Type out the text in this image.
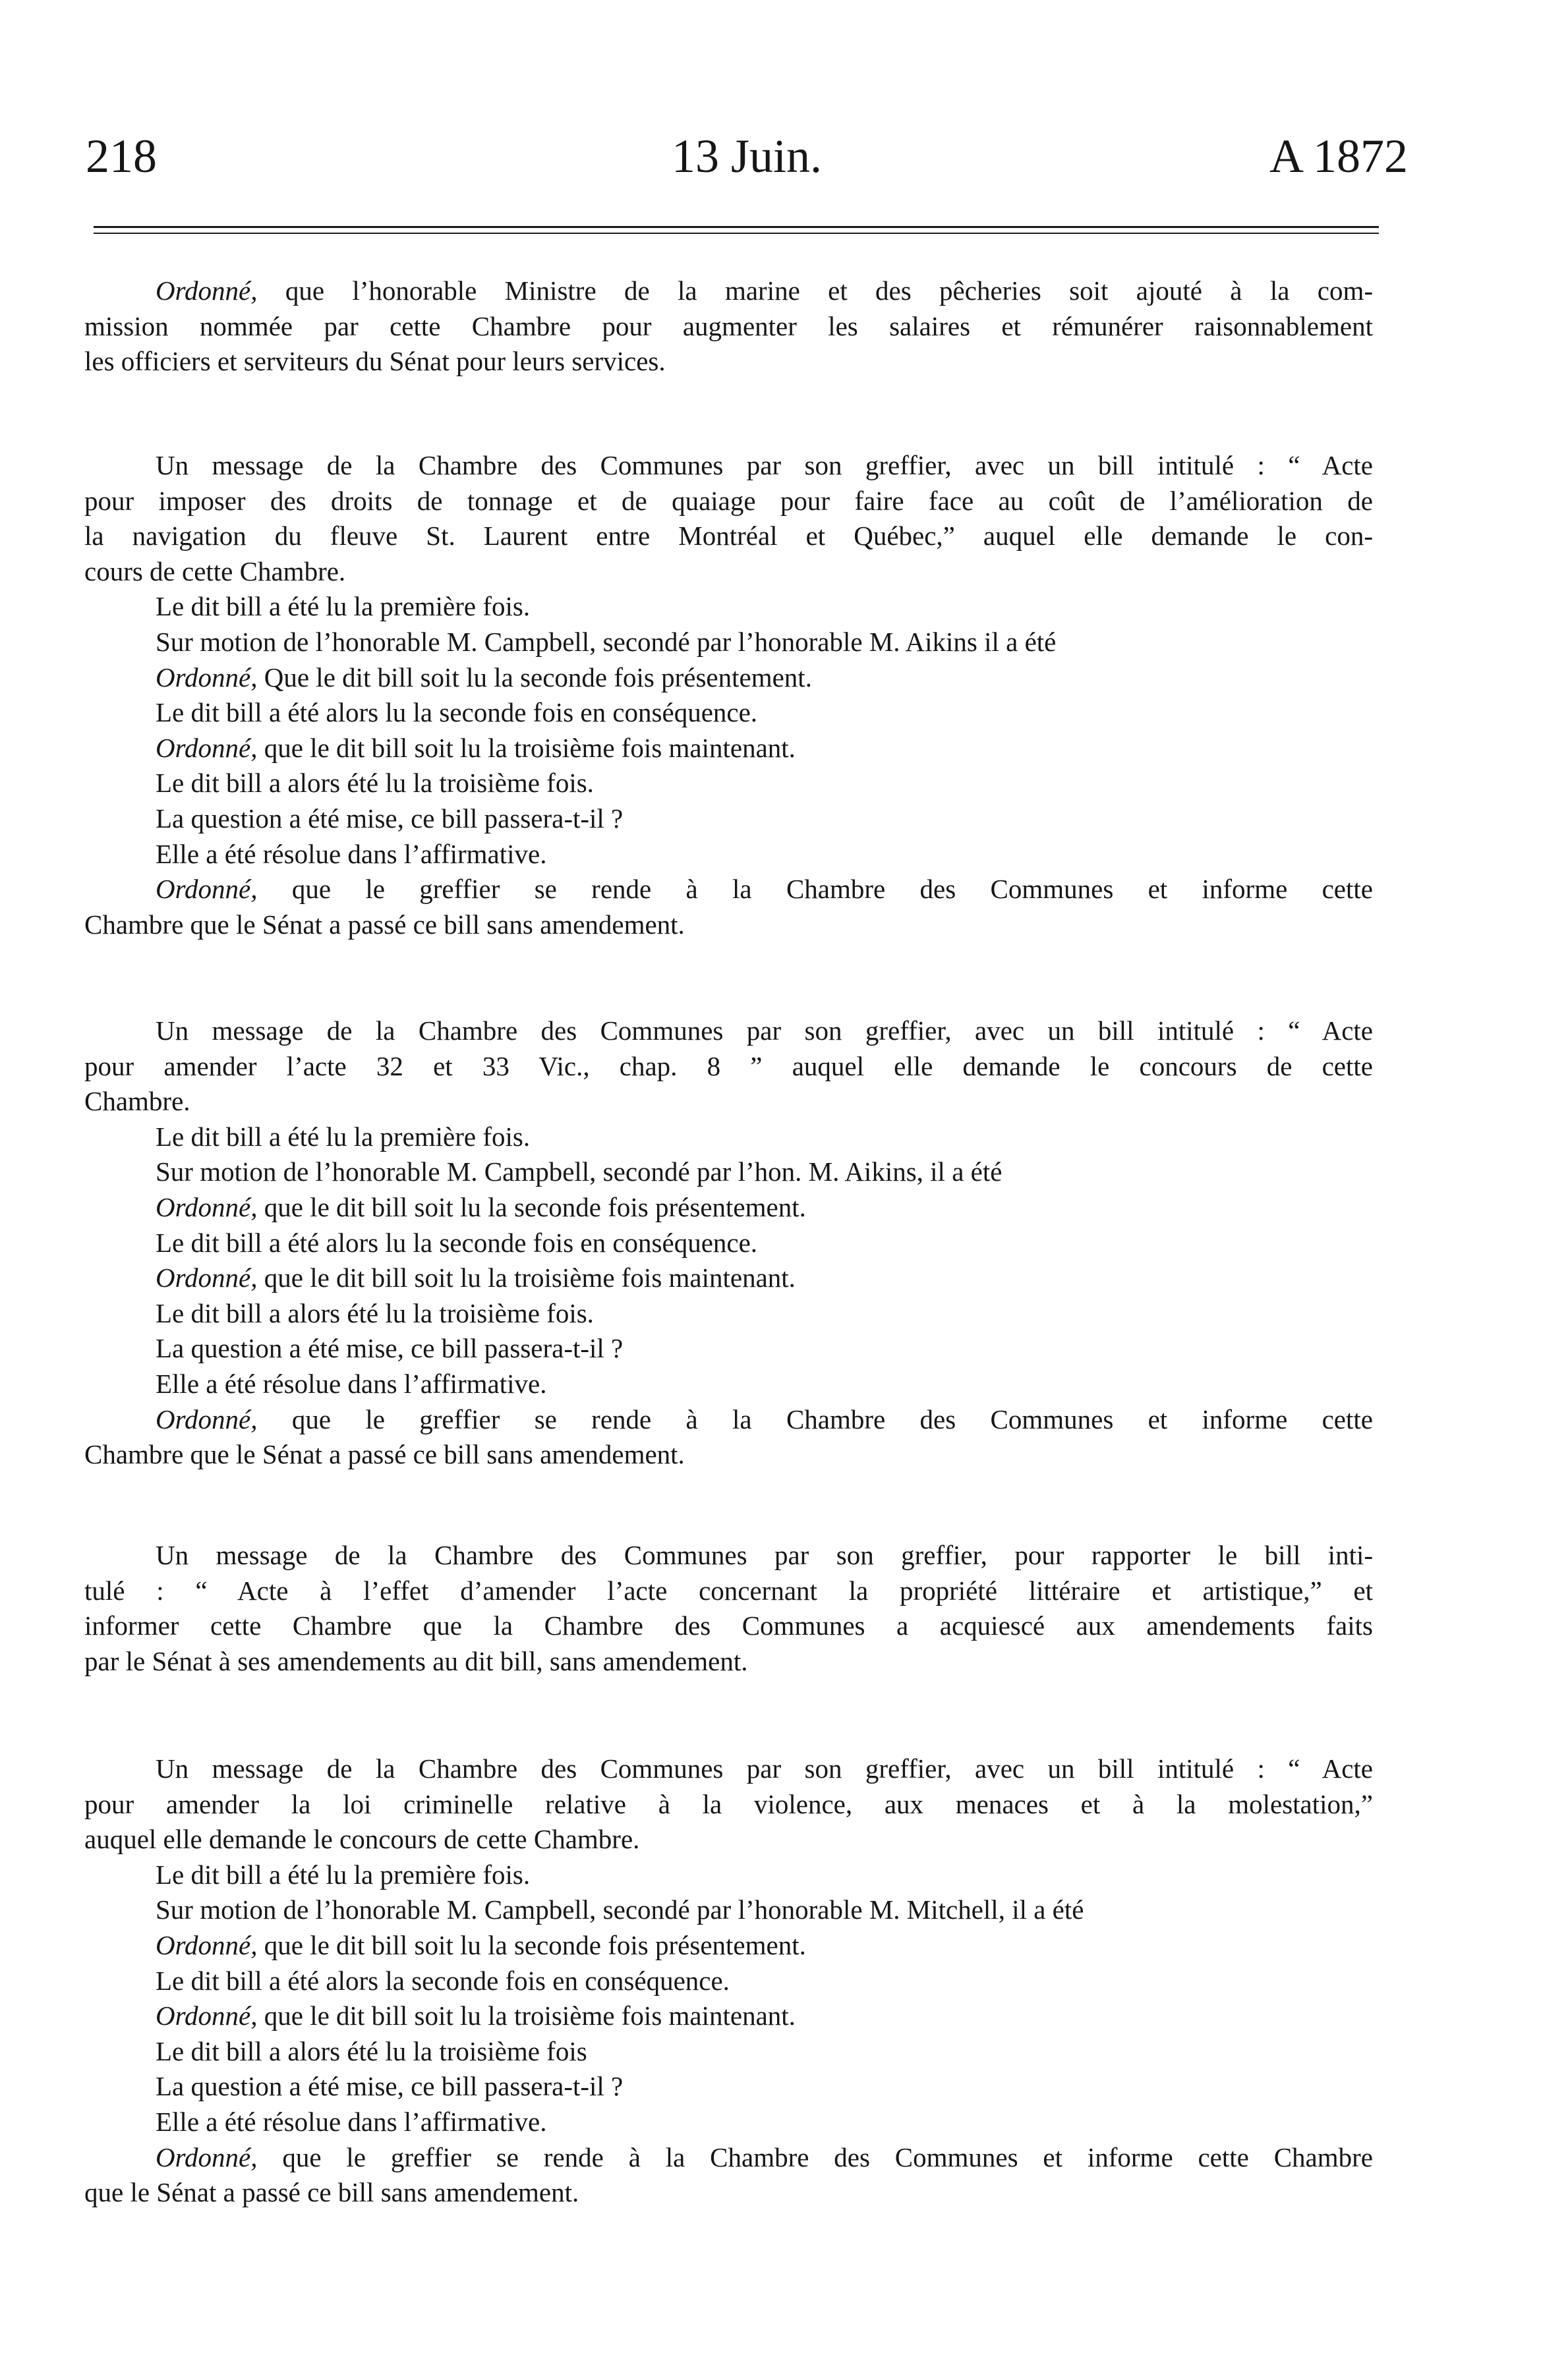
218	13 Juin.	A 1872

Ordonné, que l’honorable Ministre de la marine et des pêcheries soit ajouté à la com-

mission nommée par cette Chambre pour augmenter les salaires et rémunérer raisonnablement

les officiers et serviteurs du Sénat pour leurs services.

Un message de la Chambre des Communes par son greffier, avec un bill intitulé : “ Acte

pour imposer des droits de tonnage et de quaiage pour faire face au coût de l’amélioration de

la navigation du fleuve St. Laurent entre Montréal et Québec,” auquel elle demande le con-

cours de cette Chambre.

Le dit bill a été lu la première fois.

Sur motion de l’honorable M. Campbell, secondé par l’honorable M. Aikins il a été

Ordonné, Que le dit bill soit lu la seconde fois présentement.

Le dit bill a été alors lu la seconde fois en conséquence.

Ordonné, que le dit bill soit lu la troisième fois maintenant.

Le dit bill a alors été lu la troisième fois.

La question a été mise, ce bill passera-t-il ?

Elle a été résolue dans l’affirmative.

Ordonné, que le greffier se rende à la Chambre des Communes et informe cette

Chambre que le Sénat a passé ce bill sans amendement.

Un message de la Chambre des Communes par son greffier, avec un bill intitulé : “ Acte

pour amender l’acte 32 et 33 Vic., chap. 8 ” auquel elle demande le concours de cette

Chambre.

Le dit bill a été lu la première fois.

Sur motion de l’honorable M. Campbell, secondé par l’hon. M. Aikins, il a été

Ordonné, que le dit bill soit lu la seconde fois présentement.

Le dit bill a été alors lu la seconde fois en conséquence.

Ordonné, que le dit bill soit lu la troisième fois maintenant.

Le dit bill a alors été lu la troisième fois.

La question a été mise, ce bill passera-t-il ?

Elle a été résolue dans l’affirmative.

Ordonné, que le greffier se rende à la Chambre des Communes et informe cette

Chambre que le Sénat a passé ce bill sans amendement.

Un message de la Chambre des Communes par son greffier, pour rapporter le bill inti-

tulé : “ Acte à l’effet d’amender l’acte concernant la propriété littéraire et artistique,” et

informer cette Chambre que la Chambre des Communes a acquiescé aux amendements faits

par le Sénat à ses amendements au dit bill, sans amendement.

Un message de la Chambre des Communes par son greffier, avec un bill intitulé : “ Acte

pour amender la loi criminelle relative à la violence, aux menaces et à la molestation,”

auquel elle demande le concours de cette Chambre.

Le dit bill a été lu la première fois.

Sur motion de l’honorable M. Campbell, secondé par l’honorable M. Mitchell, il a été

Ordonné, que le dit bill soit lu la seconde fois présentement.

Le dit bill a été alors la seconde fois en conséquence.

Ordonné, que le dit bill soit lu la troisième fois maintenant.

Le dit bill a alors été lu la troisième fois

La question a été mise, ce bill passera-t-il ?

Elle a été résolue dans l’affirmative.

Ordonné, que le greffier se rende à la Chambre des Communes et informe cette Chambre

que le Sénat a passé ce bill sans amendement.
